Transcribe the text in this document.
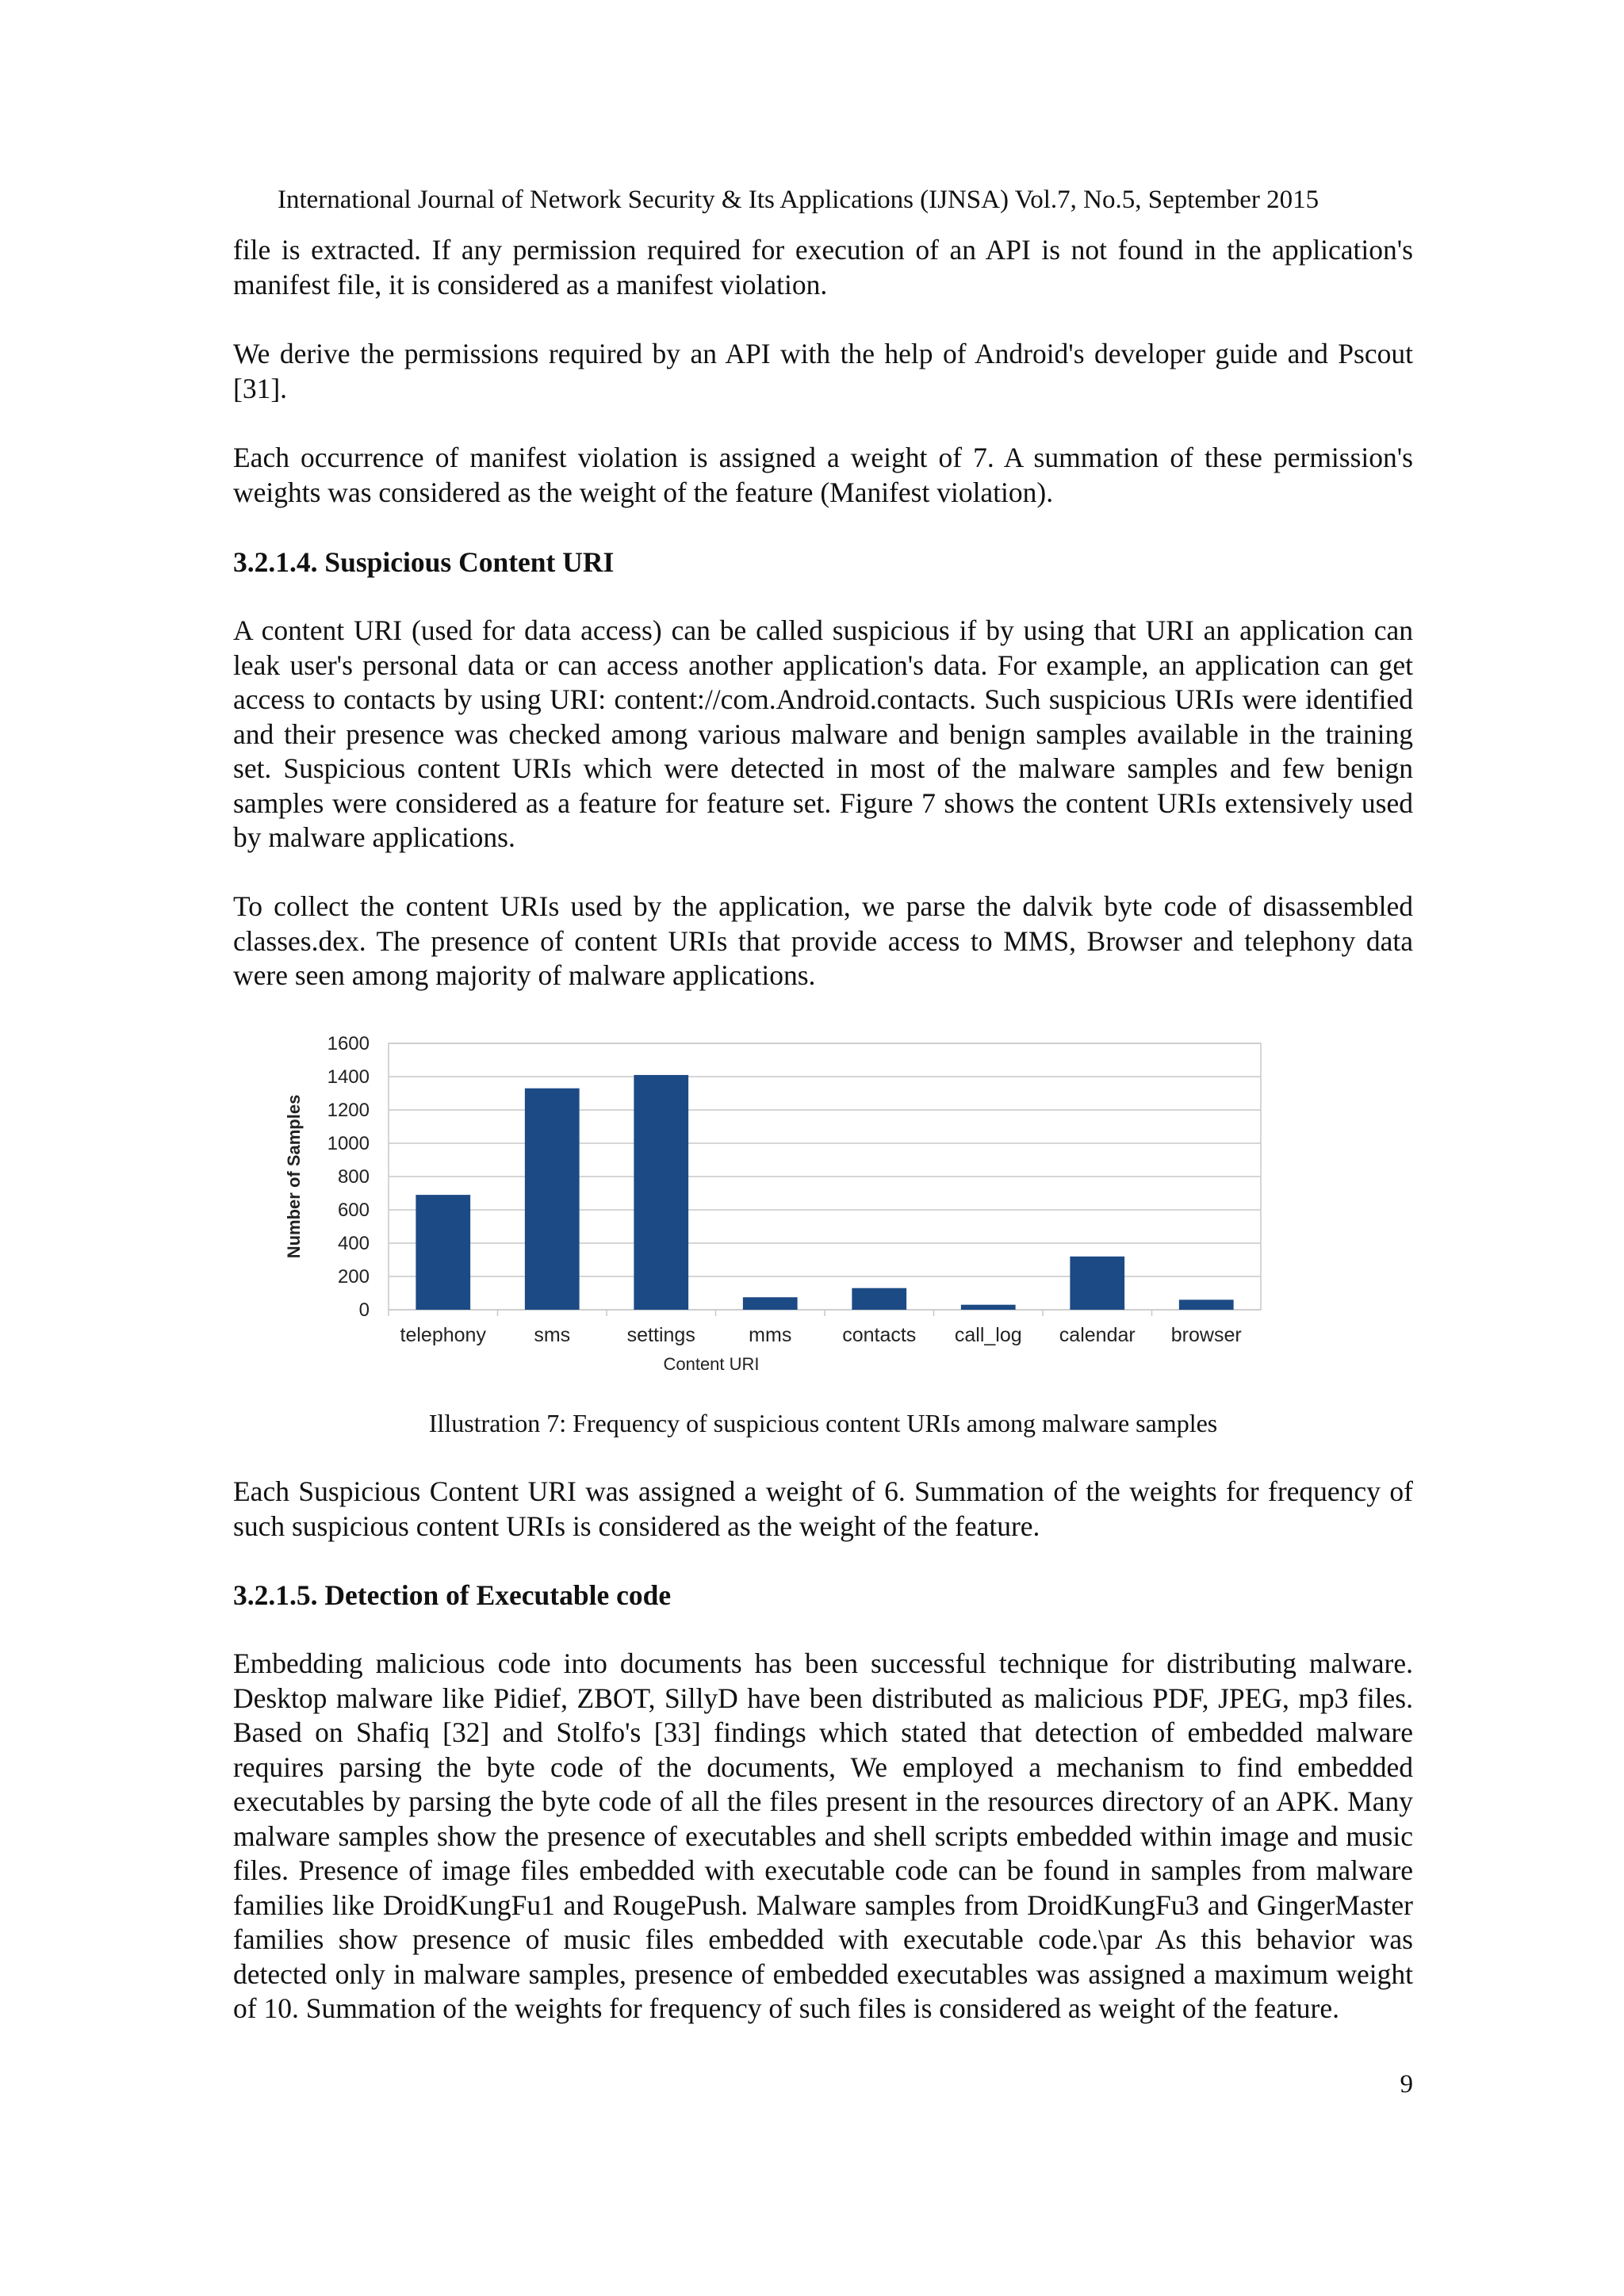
International Journal of Network Security & Its Applications (IJNSA) Vol.7, No.5, September 2015

file is extracted. If any permission required for execution of an API is not found in the application's manifest file, it is considered as a manifest violation.

We derive the permissions required by an API with the help of Android's developer guide and Pscout [31].

Each occurrence of manifest violation is assigned a weight of 7. A summation of these permission's weights was considered as the weight of the feature (Manifest violation).

3.2.1.4. Suspicious Content URI

A content URI (used for data access) can be called suspicious if by using that URI an application can leak user's personal data or can access another application's data. For example, an application can get access to contacts by using URI: content://com.Android.contacts. Such suspicious URIs were identified and their presence was checked among various malware and benign samples available in the training set. Suspicious content URIs which were detected in most of the malware samples and few benign samples were considered as a feature for feature set. Figure 7 shows the content URIs extensively used by malware applications.

To collect the content URIs used by the application, we parse the dalvik byte code of disassembled classes.dex. The presence of content URIs that provide access to MMS, Browser and telephony data were seen among majority of malware applications.

0
200
400
600
800
1000
1200
1400
1600
telephony sms	settings	mms	contacts call_log calendar browser
Number of Samples
Content URI
Illustration 7: Frequency of suspicious content URIs among malware samples

Each Suspicious Content URI was assigned a weight of 6. Summation of the weights for frequency of such suspicious content URIs is considered as the weight of the feature.

3.2.1.5. Detection of Executable code

Embedding malicious code into documents has been successful technique for distributing malware. Desktop malware like Pidief, ZBOT, SillyD have been distributed as malicious PDF, JPEG, mp3 files. Based on Shafiq [32] and Stolfo's [33] findings which stated that detection of embedded malware requires parsing the byte code of the documents, We employed a mechanism to find embedded executables by parsing the byte code of all the files present in the resources directory of an APK. Many malware samples show the presence of executables and shell scripts embedded within image and music files. Presence of image files embedded with executable code can be found in samples from malware families like DroidKungFu1 and RougePush. Malware samples from DroidKungFu3 and GingerMaster families show presence of music files embedded with executable code.\par As this behavior was detected only in malware samples, presence of embedded executables was assigned a maximum weight of 10. Summation of the weights for frequency of such files is considered as weight of the feature.

9
